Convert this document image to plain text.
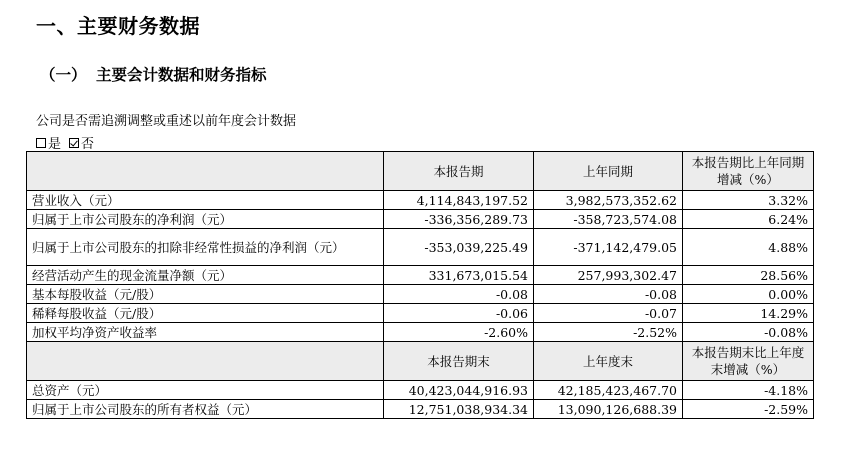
一、主要财务数据
（一） 主要会计数据和财务指标
公司是否需追溯调整或重述以前年度会计数据
是 否
	本报告期	上年同期	本报告期比上年同期增减（%）
营业收入（元）	4,114,843,197.52	3,982,573,352.62	3.32%
归属于上市公司股东的净利润（元）	-336,356,289.73	-358,723,574.08	6.24%
归属于上市公司股东的扣除非经常性损益的净利润（元）	-353,039,225.49	-371,142,479.05	4.88%
经营活动产生的现金流量净额（元）	331,673,015.54	257,993,302.47	28.56%
基本每股收益（元/股）	-0.08	-0.08	0.00%
稀释每股收益（元/股）	-0.06	-0.07	14.29%
加权平均净资产收益率	-2.60%	-2.52%	-0.08%
	本报告期末	上年度末	本报告期末比上年度末增减（%）
总资产（元）	40,423,044,916.93	42,185,423,467.70	-4.18%
归属于上市公司股东的所有者权益（元）	12,751,038,934.34	13,090,126,688.39	-2.59%
